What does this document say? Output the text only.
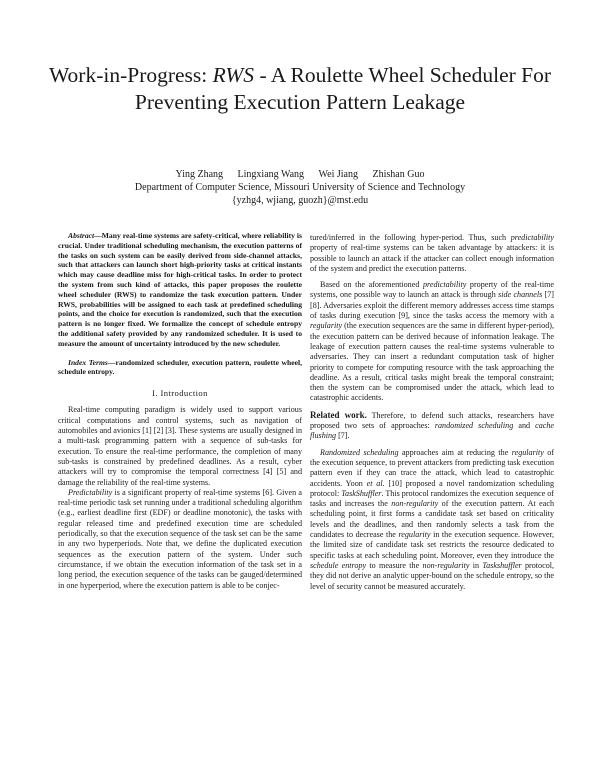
Work-in-Progress: RWS - A Roulette Wheel Scheduler For Preventing Execution Pattern Leakage
Ying Zhang Lingxiang Wang Wei Jiang Zhishan Guo
Department of Computer Science, Missouri University of Science and Technology
{yzhg4, wjiang, guozh}@mst.edu

Abstract—Many real-time systems are safety-critical, where reliability is crucial. Under traditional scheduling mechanism, the execution patterns of the tasks on such system can be easily derived from side-channel attacks, such that attackers can launch short high-priority tasks at critical instants which may cause deadline miss for high-critical tasks. In order to protect the system from such kind of attacks, this paper proposes the roulette wheel scheduler (RWS) to randomize the task execution pattern. Under RWS, probabilities will be assigned to each task at predefined scheduling points, and the choice for execution is randomized, such that the execution pattern is no longer fixed. We formalize the concept of schedule entropy the additional safety provided by any randomized scheduler. It is used to measure the amount of uncertainty introduced by the new scheduler.

Index Terms—randomized scheduler, execution pattern, roulette wheel, schedule entropy.

I. Introduction

Real-time computing paradigm is widely used to support various critical computations and control systems, such as navigation of automobiles and avionics [1] [2] [3]. These systems are usually designed in a multi-task programming pattern with a sequence of sub-tasks for execution. To ensure the real-time performance, the completion of many sub-tasks is constrained by predefined deadlines. As a result, cyber attackers will try to compromise the temporal correctness [4] [5] and damage the reliability of the real-time systems.

Predictability is a significant property of real-time systems [6]. Given a real-time periodic task set running under a traditional scheduling algorithm (e.g., earliest deadline first (EDF) or deadline monotonic), the tasks with regular released time and predefined execution time are scheduled periodically, so that the execution sequence of the task set can be the same in any two hyperperiods. Note that, we define the duplicated execution sequences as the execution pattern of the system. Under such circumstance, if we obtain the execution information of the task set in a long period, the execution sequence of the tasks can be gauged/determined in one hyperperiod, where the execution pattern is able to be conjec-

tured/inferred in the following hyper-period. Thus, such predictability property of real-time systems can be taken advantage by attackers: it is possible to launch an attack if the attacker can collect enough information of the system and predict the execution patterns.

Based on the aforementioned predictability property of the real-time systems, one possible way to launch an attack is through side channels [7] [8]. Adversaries exploit the different memory addresses access time stamps of tasks during execution [9], since the tasks access the memory with a regularity (the execution sequences are the same in different hyper-period), the execution pattern can be derived because of information leakage. The leakage of execution pattern causes the real-time systems vulnerable to adversaries. They can insert a redundant computation task of higher priority to compete for computing resource with the task approaching the deadline. As a result, critical tasks might break the temporal constraint; then the system can be compromised under the attack, which lead to catastrophic accidents.

Related work. Therefore, to defend such attacks, researchers have proposed two sets of approaches: randomized scheduling and cache flushing [7].

Randomized scheduling approaches aim at reducing the regularity of the execution sequence, to prevent attackers from predicting task execution pattern even if they can trace the attack, which lead to catastrophic accidents. Yoon et al. [10] proposed a novel randomization scheduling protocol: TaskShuffler. This protocol randomizes the execution sequence of tasks and increases the non-regularity of the execution pattern. At each scheduling point, it first forms a candidate task set based on criticality levels and the deadlines, and then randomly selects a task from the candidates to decrease the regularity in the execution sequence. However, the limited size of candidate task set restricts the resource dedicated to specific tasks at each scheduling point. Moreover, even they introduce the schedule entropy to measure the non-regularity in Taskshuffler protocol, they did not derive an analytic upper-bound on the schedule entropy, so the level of security cannot be measured accurately.
